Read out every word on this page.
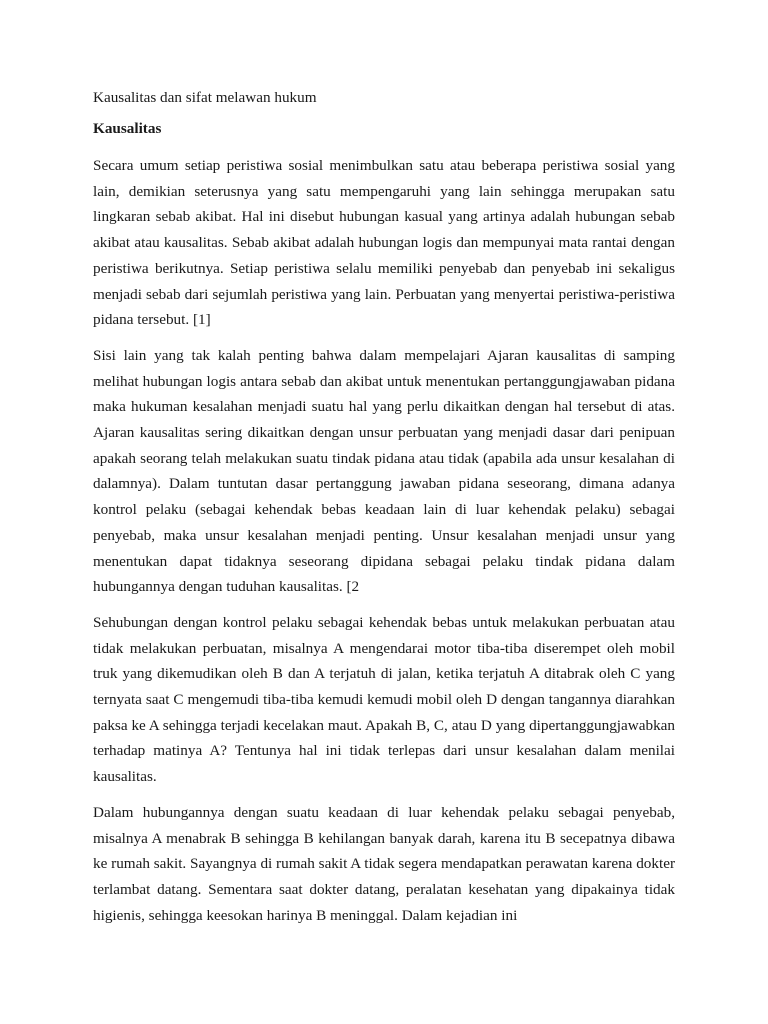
Kausalitas dan sifat melawan hukum

Kausalitas

Secara umum setiap peristiwa sosial menimbulkan satu atau beberapa peristiwa sosial yang lain, demikian seterusnya yang satu mempengaruhi yang lain sehingga merupakan satu lingkaran sebab akibat. Hal ini disebut hubungan kasual yang artinya adalah hubungan sebab akibat atau kausalitas. Sebab akibat adalah hubungan logis dan mempunyai mata rantai dengan peristiwa berikutnya. Setiap peristiwa selalu memiliki penyebab dan penyebab ini sekaligus menjadi sebab dari sejumlah peristiwa yang lain. Perbuatan yang menyertai peristiwa-peristiwa pidana tersebut. [1]

Sisi lain yang tak kalah penting bahwa dalam mempelajari Ajaran kausalitas di samping melihat hubungan logis antara sebab dan akibat untuk menentukan pertanggungjawaban pidana maka hukuman kesalahan menjadi suatu hal yang perlu dikaitkan dengan hal tersebut di atas. Ajaran kausalitas sering dikaitkan dengan unsur perbuatan yang menjadi dasar dari penipuan apakah seorang telah melakukan suatu tindak pidana atau tidak (apabila ada unsur kesalahan di dalamnya). Dalam tuntutan dasar pertanggung jawaban pidana seseorang, dimana adanya kontrol pelaku (sebagai kehendak bebas keadaan lain di luar kehendak pelaku) sebagai penyebab, maka unsur kesalahan menjadi penting. Unsur kesalahan menjadi unsur yang menentukan dapat tidaknya seseorang dipidana sebagai pelaku tindak pidana dalam hubungannya dengan tuduhan kausalitas. [2

Sehubungan dengan kontrol pelaku sebagai kehendak bebas untuk melakukan perbuatan atau tidak melakukan perbuatan, misalnya A mengendarai motor tiba-tiba diserempet oleh mobil truk yang dikemudikan oleh B dan A terjatuh di jalan, ketika terjatuh A ditabrak oleh C yang ternyata saat C mengemudi tiba-tiba kemudi kemudi mobil oleh D dengan tangannya diarahkan paksa ke A sehingga terjadi kecelakan maut. Apakah B, C, atau D yang dipertanggungjawabkan terhadap matinya A? Tentunya hal ini tidak terlepas dari unsur kesalahan dalam menilai kausalitas.

Dalam hubungannya dengan suatu keadaan di luar kehendak pelaku sebagai penyebab, misalnya A menabrak B sehingga B kehilangan banyak darah, karena itu B secepatnya dibawa ke rumah sakit. Sayangnya di rumah sakit A tidak segera mendapatkan perawatan karena dokter terlambat datang. Sementara saat dokter datang, peralatan kesehatan yang dipakainya tidak higienis, sehingga keesokan harinya B meninggal. Dalam kejadian ini
